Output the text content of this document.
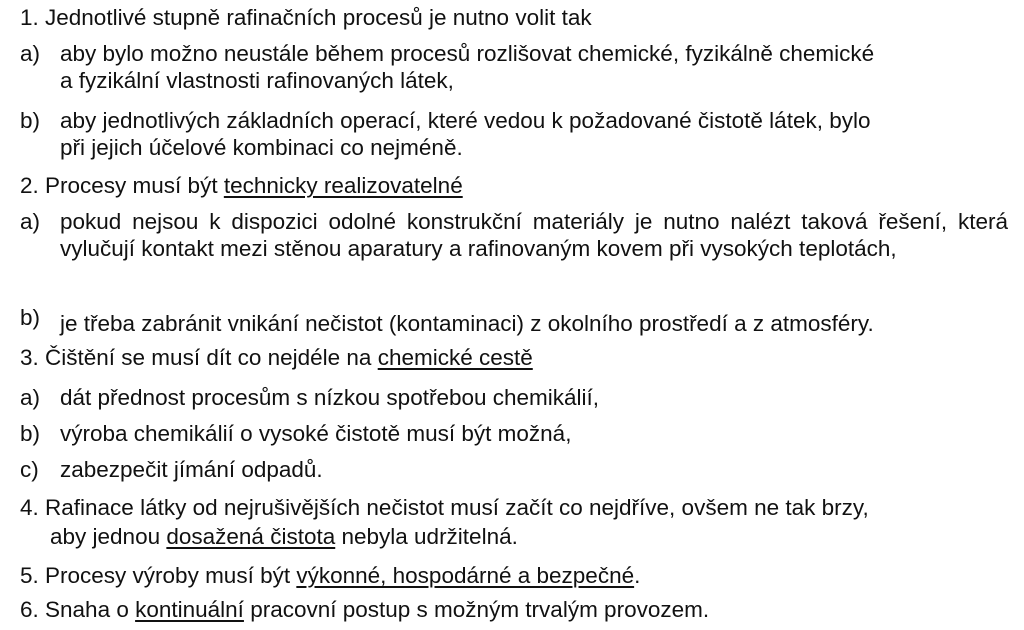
1. Jednotlivé stupně rafinačních procesů je nutno volit tak
a) aby bylo možno neustále během procesů rozlišovat chemické, fyzikálně chemické
a fyzikální vlastnosti rafinovaných látek,
b) aby jednotlivých základních operací, které vedou k požadované čistotě látek, bylo
při jejich účelové kombinaci co nejméně.
2. Procesy musí být technicky realizovatelné
a) pokud nejsou k dispozici odolné konstrukční materiály je nutno nalézt taková řešení, která vylučují kontakt mezi stěnou aparatury a rafinovaným kovem při vysokých teplotách,
b) je třeba zabránit vnikání nečistot (kontaminaci) z okolního prostředí a z atmosféry.
3. Čištění se musí dít co nejdéle na chemické cestě
a) dát přednost procesům s nízkou spotřebou chemikálií,
b) výroba chemikálií o vysoké čistotě musí být možná,
c) zabezpečit jímání odpadů.
4. Rafinace látky od nejrušivějších nečistot musí začít co nejdříve, ovšem ne tak brzy,
aby jednou dosažená čistota nebyla udržitelná.
5. Procesy výroby musí být výkonné, hospodárné a bezpečné.
6. Snaha o kontinuální pracovní postup s možným trvalým provozem.
